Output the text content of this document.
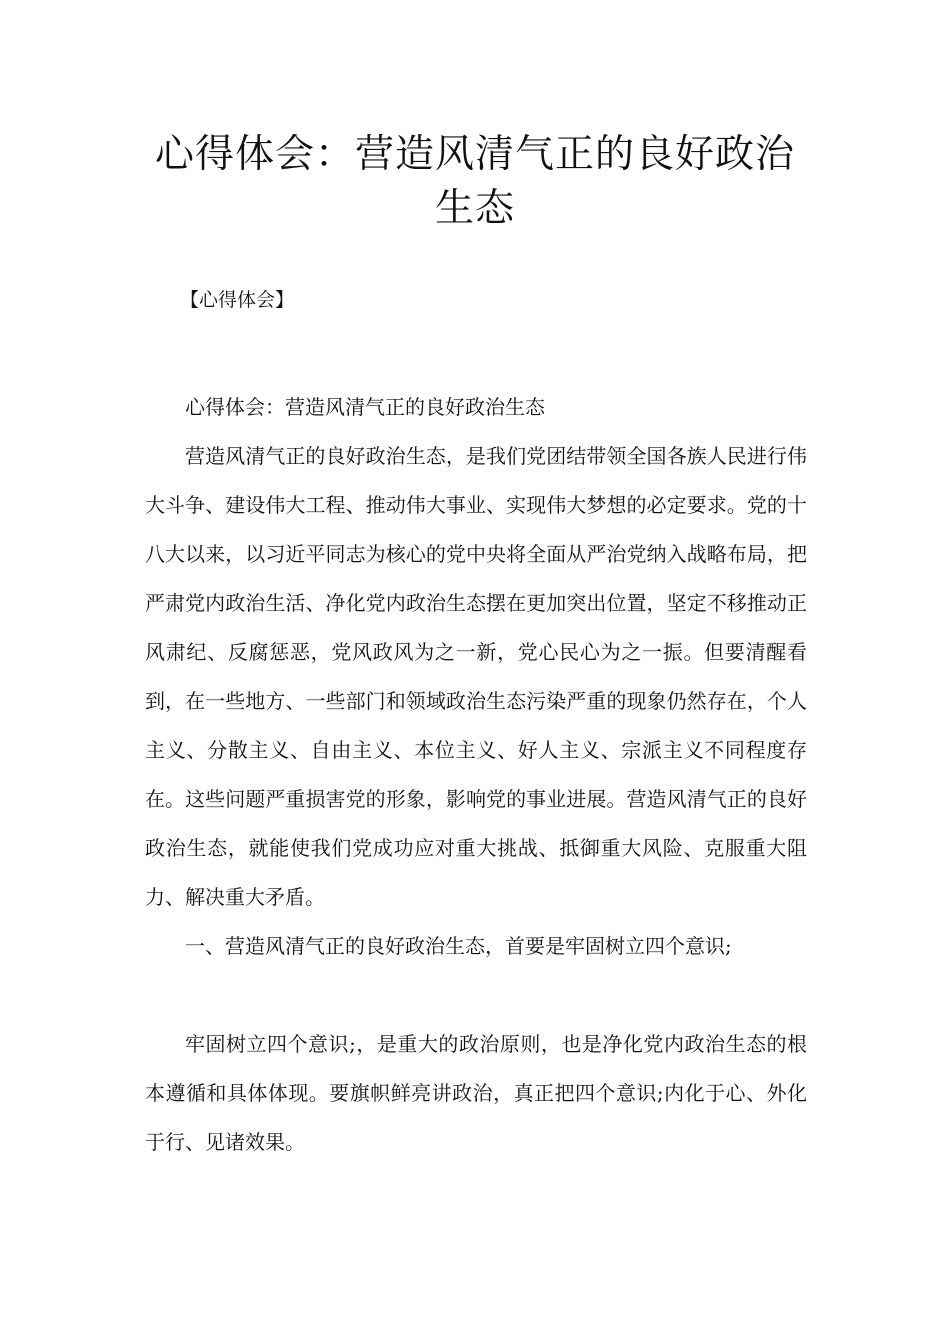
心得体会：营造风清气正的良好政治生态
【心得体会】

心得体会：营造风清气正的良好政治生态

营造风清气正的良好政治生态，是我们党团结带领全国各族人民进行伟大斗争、建设伟大工程、推动伟大事业、实现伟大梦想的必定要求。党的十八大以来，以习近平同志为核心的党中央将全面从严治党纳入战略布局，把严肃党内政治生活、净化党内政治生态摆在更加突出位置，坚定不移推动正风肃纪、反腐惩恶，党风政风为之一新，党心民心为之一振。但要清醒看到，在一些地方、一些部门和领域政治生态污染严重的现象仍然存在，个人主义、分散主义、自由主义、本位主义、好人主义、宗派主义不同程度存在。这些问题严重损害党的形象，影响党的事业进展。营造风清气正的良好政治生态，就能使我们党成功应对重大挑战、抵御重大风险、克服重大阻力、解决重大矛盾。

一、营造风清气正的良好政治生态，首要是牢固树立四个意识;

牢固树立四个意识;，是重大的政治原则，也是净化党内政治生态的根本遵循和具体体现。要旗帜鲜亮讲政治，真正把四个意识;内化于心、外化于行、见诸效果。
